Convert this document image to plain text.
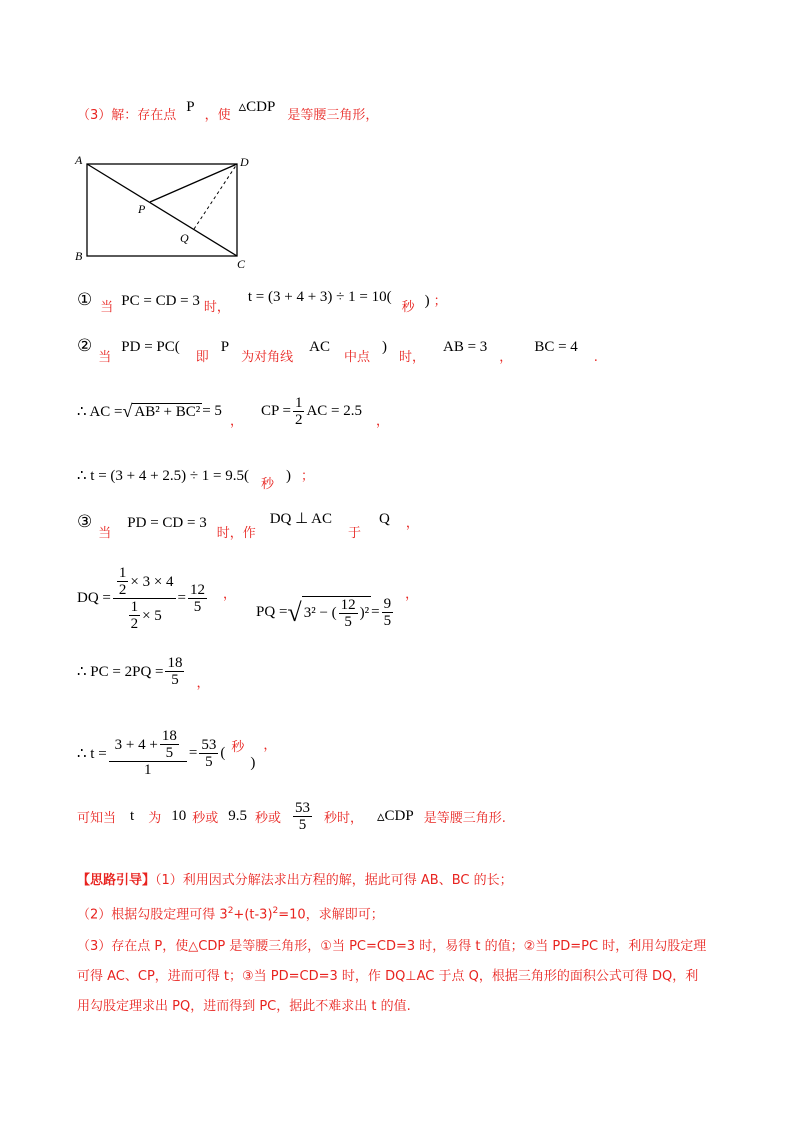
（3）解：存在点 P ，使 ▵CDP 是等腰三角形，
A
B
C
D
P
Q
① $_当$ PC = CD = 3 $_{时,}$ t = (3 + 4 + 3) ÷ 1 = 10( $_秒$ ) ；
② $_当$ PD = PC( $_即$ P $_{为对角线}$ AC $_{中点}$ ) $_{时,}$ AB = 3 $_,$ BC = 4 $_.$
∴ AC = √ AB² + BC² = 5
，
CP = $\frac{1}{2}$ AC = 2.5
，
∴ t = (3 + 4 + 2.5) ÷ 1 = 9.5( $_秒$ ) ；
③ $_当$ PD = CD = 3 $_{时,作}$ DQ ⊥ AC $_于$ Q ，
DQ = $\frac{\frac{1}{2} \times 3 \times 4}{\frac{1}{2} \times 5} = \frac{12}{5}$ ，
PQ = √ 3² − ( $\frac{12}{5} )^2 = \frac{9}{5}$
，
∴ PC = $2PQ = \frac{18}{5}$ ，
∴ $t = \frac{3 + 4 + \frac{18}{5}}{1} = \frac{53}{5}$ ( 秒
)
，
可知当 t 为 10 秒或 9.5 秒或 $\frac{53}{5}$ 秒时， ▵ CDP 是等腰三角形.
【思路引导】（1）利用因式分解法求出方程的解，据此可得 AB、BC 的长；
（2）根据勾股定理可得 $3^2+(t-3)^2=10$，求解即可；
（3）存在点 P，使△CDP 是等腰三角形，①当 PC=CD=3 时，易得 t 的值；②当 PD=PC 时，利用勾股定理
可得 AC、CP，进而可得 t；③当 PD=CD=3 时，作 DQ⊥AC 于点 Q，根据三角形的面积公式可得 DQ，利
用勾股定理求出 PQ，进而得到 PC，据此不难求出 t 的值.
